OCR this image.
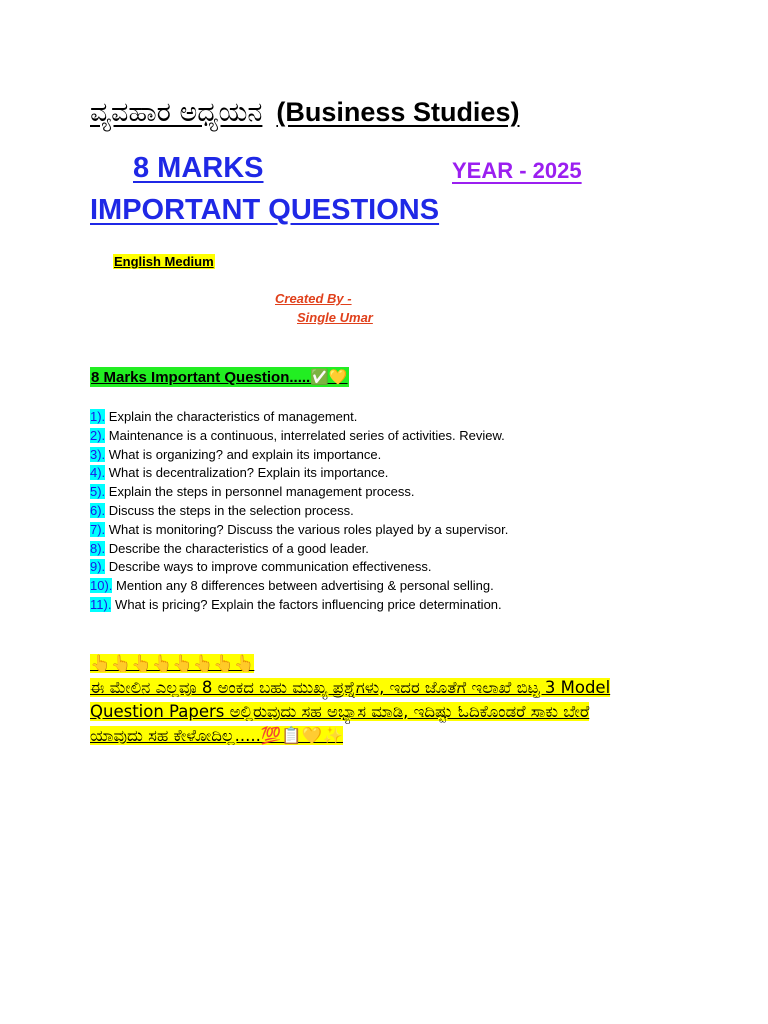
ವ್ಯವಹಾರ ಅಧ್ಯಯನ (Business Studies)
8 MARKS	YEAR - 2025
IMPORTANT QUESTIONS
English Medium
Created By -
Single Umar
8 Marks Important Question.....✅💛
1). Explain the characteristics of management.
2). Maintenance is a continuous, interrelated series of activities. Review.
3). What is organizing? and explain its importance.
4). What is decentralization? Explain its importance.
5). Explain the steps in personnel management process.
6). Discuss the steps in the selection process.
7). What is monitoring? Discuss the various roles played by a supervisor.
8). Describe the characteristics of a good leader.
9). Describe ways to improve communication effectiveness.
10). Mention any 8 differences between advertising & personal selling.
11). What is pricing? Explain the factors influencing price determination.
👆👆👆👆👆👆👆👆
ಈ ಮೇಲಿನ ಎಲ್ಲವೂ 8 ಅಂಕದ ಬಹು ಮುಖ್ಯ ಪ್ರಶ್ನೆಗಳು, ಇದರ ಜೊತೆಗೆ ಇಲಾಖೆ ಬಿಟ್ಟ 3 Model
Question Papers ಅಲ್ಲಿರುವುದು ಸಹ ಅಭ್ಯಾಸ ಮಾಡಿ, ಇದಿಷ್ಟು ಓದಿಕೊಂಡರೆ ಸಾಕು ಬೇರೆ
ಯಾವುದು ಸಹ ಕೇಳೋದಿಲ್ಲ.....💯📋💛✨
